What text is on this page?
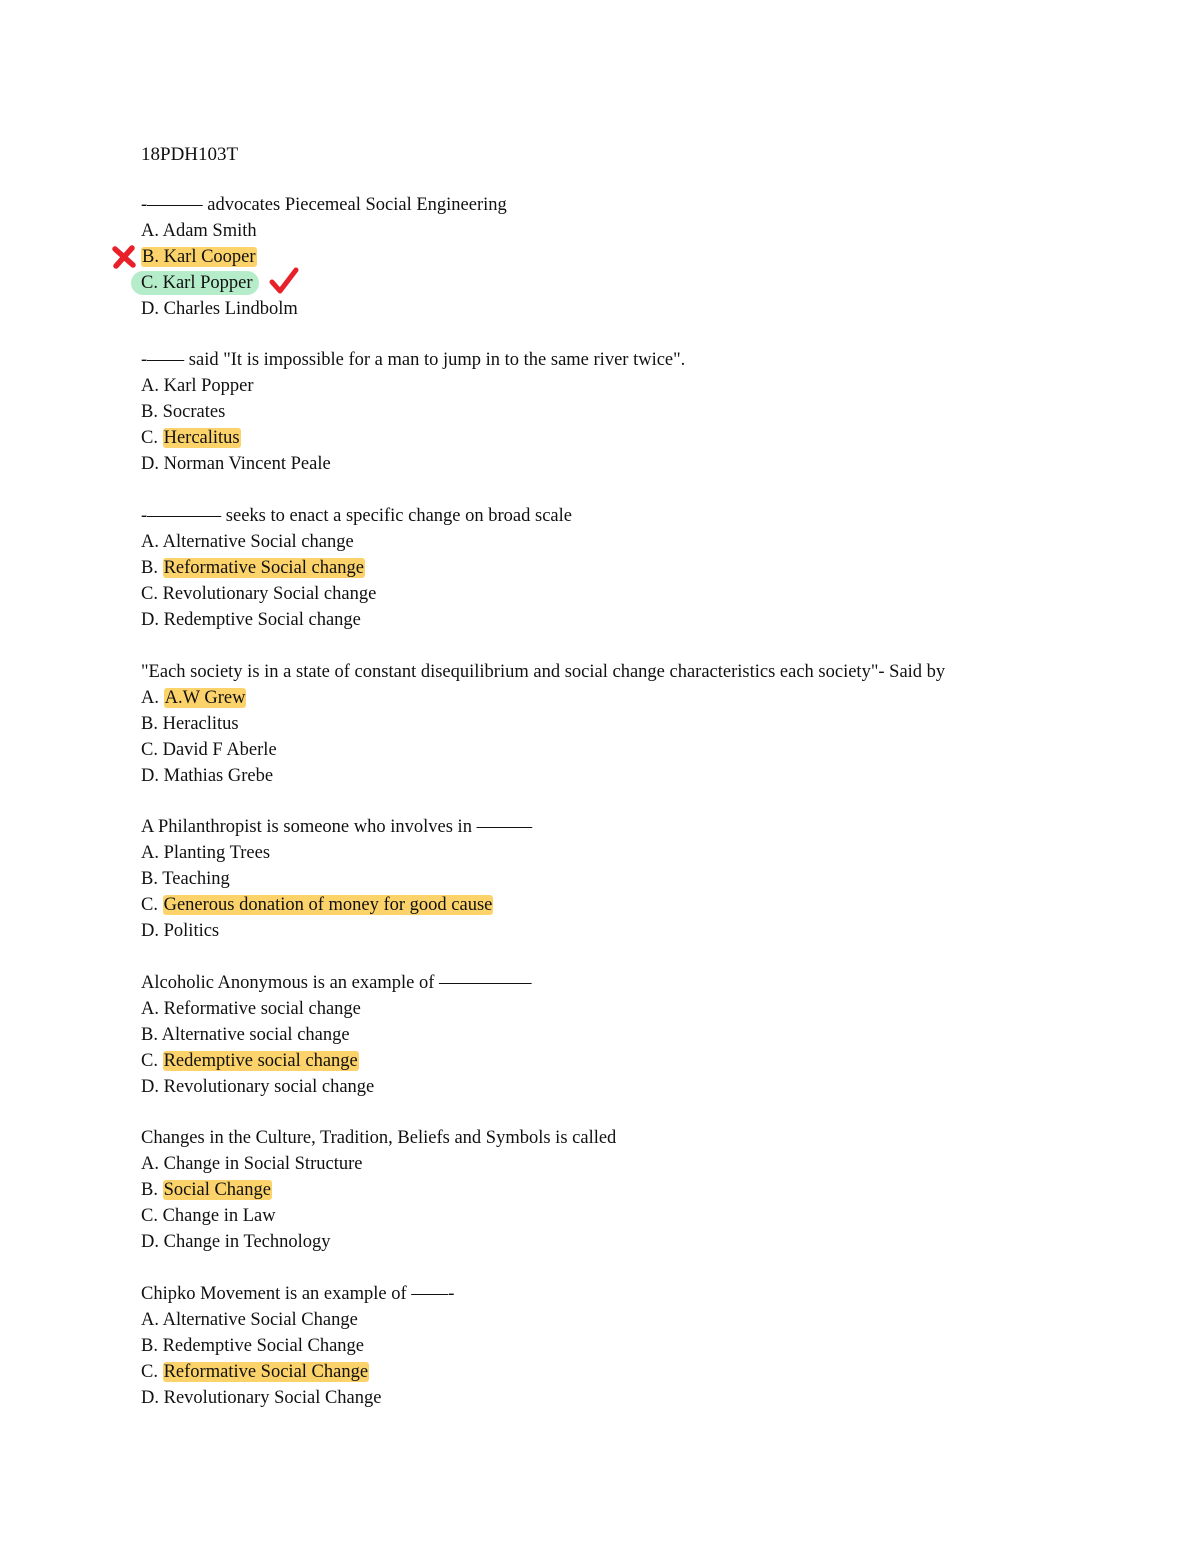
18PDH103T
-——— advocates Piecemeal Social Engineering
A. Adam Smith
B. Karl Cooper
C. Karl Popper
D. Charles Lindbolm
-—— said "It is impossible for a man to jump in to the same river twice".
A. Karl Popper
B. Socrates
C. Hercalitus
D. Norman Vincent Peale
-———— seeks to enact a specific change on broad scale
A. Alternative Social change
B. Reformative Social change
C. Revolutionary Social change
D. Redemptive Social change
"Each society is in a state of constant disequilibrium and social change characteristics each society"- Said by
A. A.W Grew
B. Heraclitus
C. David F Aberle
D. Mathias Grebe
A Philanthropist is someone who involves in ———
A. Planting Trees
B. Teaching
C. Generous donation of money for good cause
D. Politics
Alcoholic Anonymous is an example of —————
A. Reformative social change
B. Alternative social change
C. Redemptive social change
D. Revolutionary social change
Changes in the Culture, Tradition, Beliefs and Symbols is called
A. Change in Social Structure
B. Social Change
C. Change in Law
D. Change in Technology
Chipko Movement is an example of ——-
A. Alternative Social Change
B. Redemptive Social Change
C. Reformative Social Change
D. Revolutionary Social Change
